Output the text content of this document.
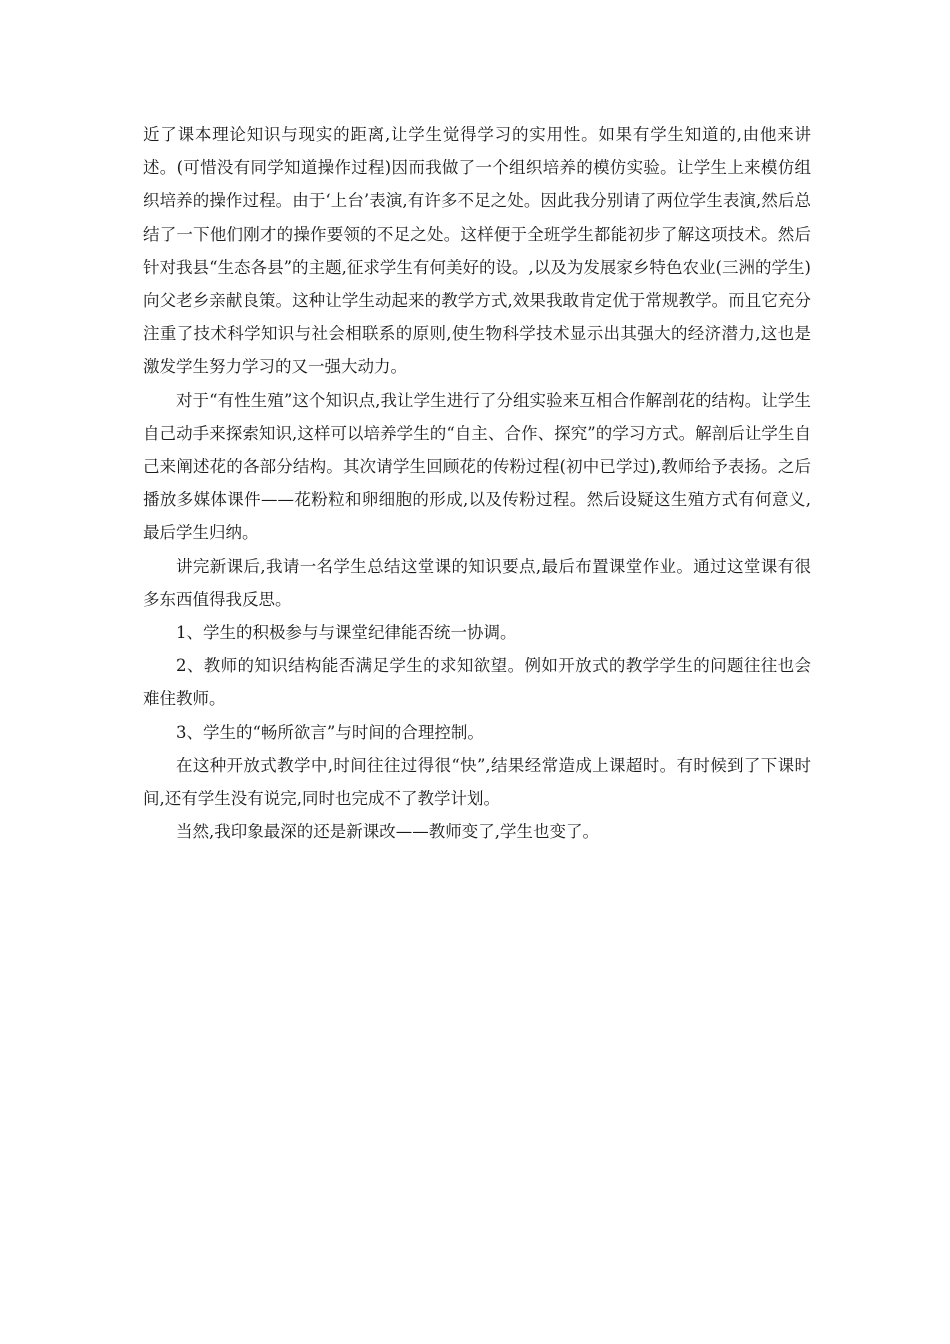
近了课本理论知识与现实的距离,让学生觉得学习的实用性。如果有学生知道的,由他来讲述。(可惜没有同学知道操作过程)因而我做了一个组织培养的模仿实验。让学生上来模仿组织培养的操作过程。由于‘上台’表演,有许多不足之处。因此我分别请了两位学生表演,然后总结了一下他们刚才的操作要领的不足之处。这样便于全班学生都能初步了解这项技术。然后针对我县“生态各县”的主题,征求学生有何美好的设。,以及为发展家乡特色农业(三洲的学生)向父老乡亲献良策。这种让学生动起来的教学方式,效果我敢肯定优于常规教学。而且它充分注重了技术科学知识与社会相联系的原则,使生物科学技术显示出其强大的经济潜力,这也是激发学生努力学习的又一强大动力。

对于“有性生殖”这个知识点,我让学生进行了分组实验来互相合作解剖花的结构。让学生自己动手来探索知识,这样可以培养学生的“自主、合作、探究”的学习方式。解剖后让学生自己来阐述花的各部分结构。其次请学生回顾花的传粉过程(初中已学过),教师给予表扬。之后播放多媒体课件——花粉粒和卵细胞的形成,以及传粉过程。然后设疑这生殖方式有何意义,最后学生归纳。

讲完新课后,我请一名学生总结这堂课的知识要点,最后布置课堂作业。通过这堂课有很多东西值得我反思。

1、学生的积极参与与课堂纪律能否统一协调。

2、教师的知识结构能否满足学生的求知欲望。例如开放式的教学学生的问题往往也会难住教师。

3、学生的“畅所欲言”与时间的合理控制。

在这种开放式教学中,时间往往过得很“快”,结果经常造成上课超时。有时候到了下课时间,还有学生没有说完,同时也完成不了教学计划。

当然,我印象最深的还是新课改——教师变了,学生也变了。
